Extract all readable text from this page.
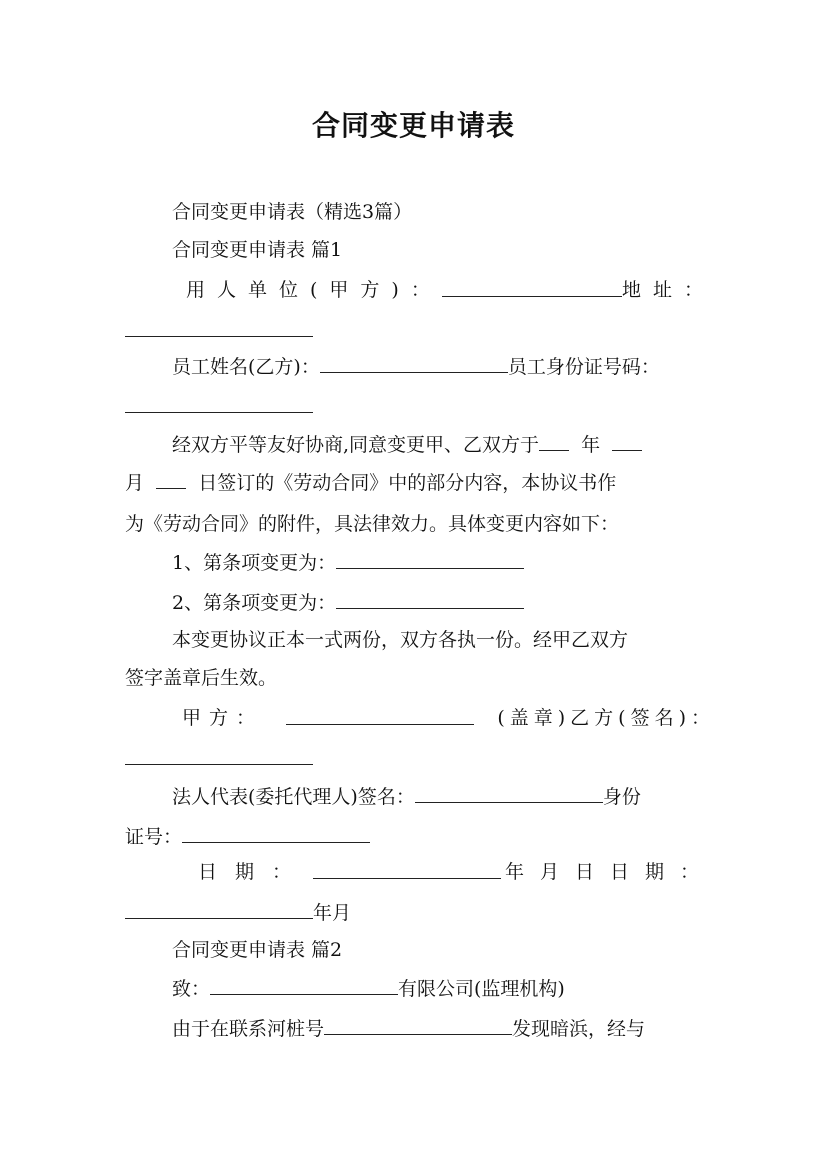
合同变更申请表
合同变更申请表（精选3篇）
合同变更申请表 篇1
用人单位(甲方)：	地址：
员工姓名(乙方)：	员工身份证号码：
经双方平等友好协商,同意变更甲、乙双方于 年
月	日签订的《劳动合同》中的部分内容，本协议书作
为《劳动合同》的附件，具法律效力。具体变更内容如下：
1、第条项变更为：
2、第条项变更为：
本变更协议正本一式两份，双方各执一份。经甲乙双方
签字盖章后生效。
甲方：	(盖章)乙方(签名)：
法人代表(委托代理人)签名：	身份
证号：
日期：	年月日日期：
年月
合同变更申请表 篇2
致：	有限公司(监理机构)
由于在联系河桩号	发现暗浜，经与
